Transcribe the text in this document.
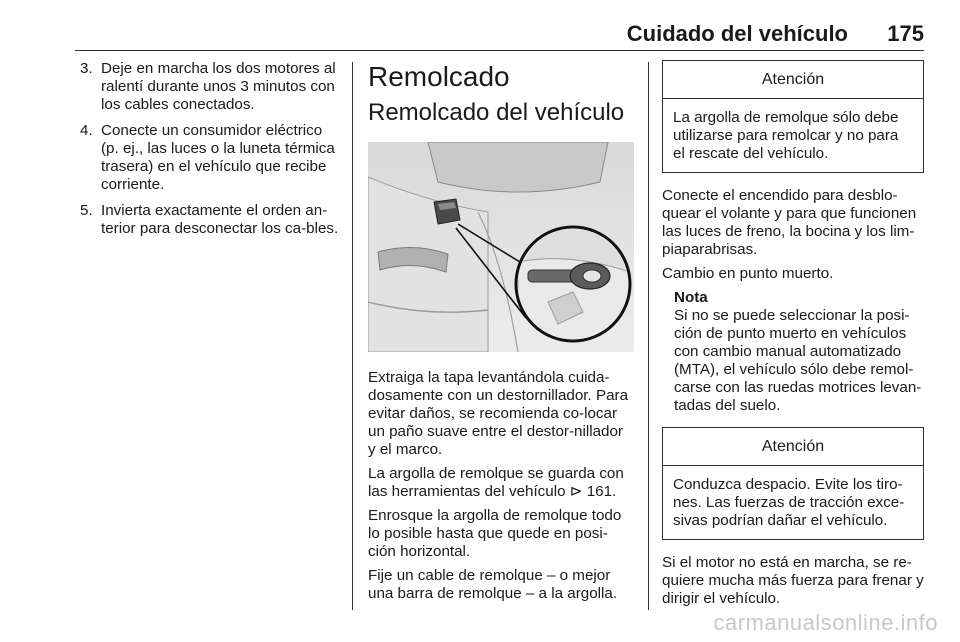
Cuidado del vehículo 175
3. Deje en marcha los dos motores al ralentí durante unos 3 minutos con los cables conectados.
4. Conecte un consumidor eléctrico (p. ej., las luces o la luneta térmica trasera) en el vehículo que recibe corriente.
5. Invierta exactamente el orden an-terior para desconectar los ca-bles.
Remolcado
Remolcado del vehículo

Extraiga la tapa levantándola cuida-dosamente con un destornillador. Para evitar daños, se recomienda co-locar un paño suave entre el destor-nillador y el marco.

La argolla de remolque se guarda con las herramientas del vehículo ⊳ 161.

Enrosque la argolla de remolque todo lo posible hasta que quede en posi-ción horizontal.

Fije un cable de remolque – o mejor una barra de remolque – a la argolla.

Atención
La argolla de remolque sólo debe utilizarse para remolcar y no para el rescate del vehículo.

Conecte el encendido para desblo-quear el volante y para que funcionen las luces de freno, la bocina y los lim-piaparabrisas.

Cambio en punto muerto.

Nota
Si no se puede seleccionar la posi-ción de punto muerto en vehículos con cambio manual automatizado (MTA), el vehículo sólo debe remol-carse con las ruedas motrices levan-tadas del suelo.
Atención
Conduzca despacio. Evite los tiro-nes. Las fuerzas de tracción exce-sivas podrían dañar el vehículo.

Si el motor no está en marcha, se re-quiere mucha más fuerza para frenar y dirigir el vehículo.

carmanualsonline.info
